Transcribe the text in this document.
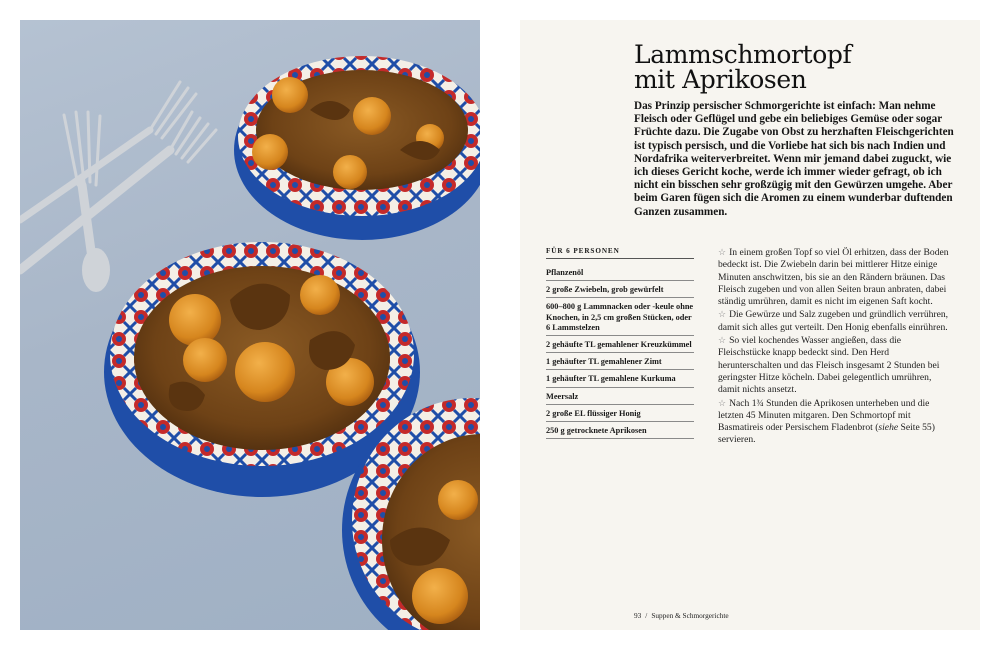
Lammschmortopf
mit Aprikosen

Das Prinzip persischer Schmorgerichte ist einfach: Man nehme Fleisch oder Geflügel und gebe ein beliebiges Gemüse oder sogar Früchte dazu. Die Zugabe von Obst zu herzhaften Fleischgerichten ist typisch persisch, und die Vorliebe hat sich bis nach Indien und Nordafrika weiterverbreitet. Wenn mir jemand dabei zuguckt, wie ich dieses Gericht koche, werde ich immer wieder gefragt, ob ich nicht ein bisschen sehr großzügig mit den Gewürzen umgehe. Aber beim Garen fügen sich die Aromen zu einem wunderbar duftenden Ganzen zusammen.

FÜR 6 PERSONEN
Pflanzenöl
2 große Zwiebeln, grob gewürfelt
600–800 g Lammnacken oder -keule ohne Knochen, in 2,5 cm großen Stücken, oder 6 Lammstelzen
2 gehäufte TL gemahlener Kreuzkümmel
1 gehäufter TL gemahlener Zimt
1 gehäufter TL gemahlene Kurkuma
Meersalz
2 große EL flüssiger Honig
250 g getrocknete Aprikosen

☆ In einem großen Topf so viel Öl erhitzen, dass der Boden bedeckt ist. Die Zwiebeln darin bei mittlerer Hitze einige Minuten anschwitzen, bis sie an den Rändern bräunen. Das Fleisch zugeben und von allen Seiten braun anbraten, dabei ständig umrühren, damit es nicht im eigenen Saft kocht.

☆ Die Gewürze und Salz zugeben und gründlich verrühren, damit sich alles gut verteilt. Den Honig ebenfalls einrühren.

☆ So viel kochendes Wasser angießen, dass die Fleischstücke knapp bedeckt sind. Den Herd herunterschalten und das Fleisch insgesamt 2 Stunden bei geringster Hitze köcheln. Dabei gelegentlich umrühren, damit nichts ansetzt.

☆ Nach 1¾ Stunden die Aprikosen unterheben und die letzten 45 Minuten mitgaren. Den Schmortopf mit Basmatireis oder Persischem Fladenbrot (siehe Seite 55) servieren.

93 / Suppen & Schmorgerichte
